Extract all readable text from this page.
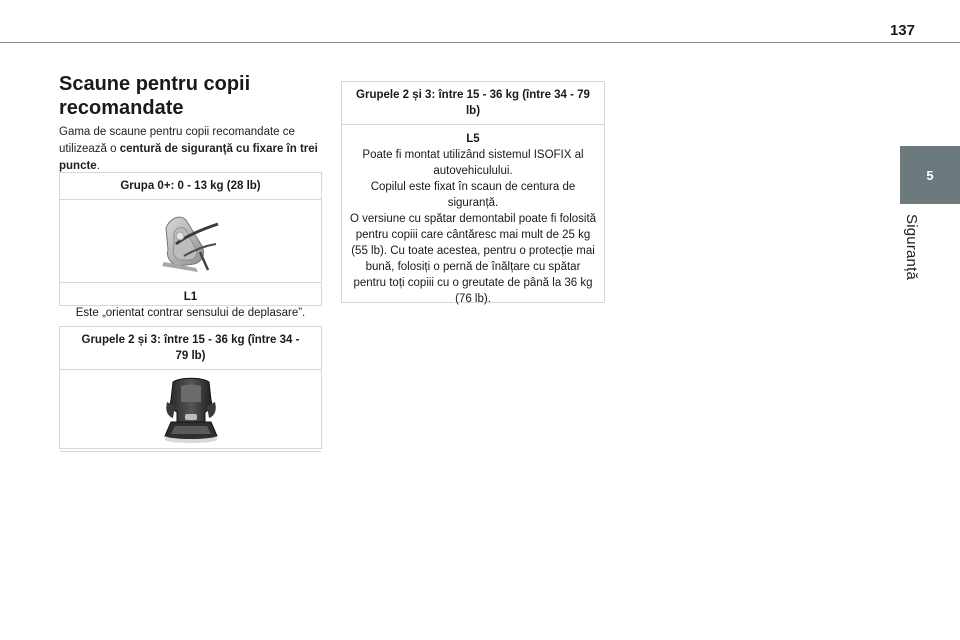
137
5
Siguranță
Scaune pentru copii recomandate

Gama de scaune pentru copii recomandate ce utilizează o centură de siguranţă cu fixare în trei puncte.

Grupa 0+: 0 - 13 kg (28 lb)
L1
Este „orientat contrar sensului de deplasare”.
Grupele 2 și 3: între 15 - 36 kg (între 34 - 79 lb)
Grupele 2 și 3: între 15 - 36 kg (între 34 - 79 lb)
L5
Poate fi montat utilizând sistemul ISOFIX al autovehiculului.
Copilul este fixat în scaun de centura de siguranță.
O versiune cu spătar demontabil poate fi folosită pentru copiii care cântăresc mai mult de 25 kg (55 lb). Cu toate acestea, pentru o protecție mai bună, folosiți o pernă de înălțare cu spătar pentru toți copiii cu o greutate de până la 36 kg (76 lb).
